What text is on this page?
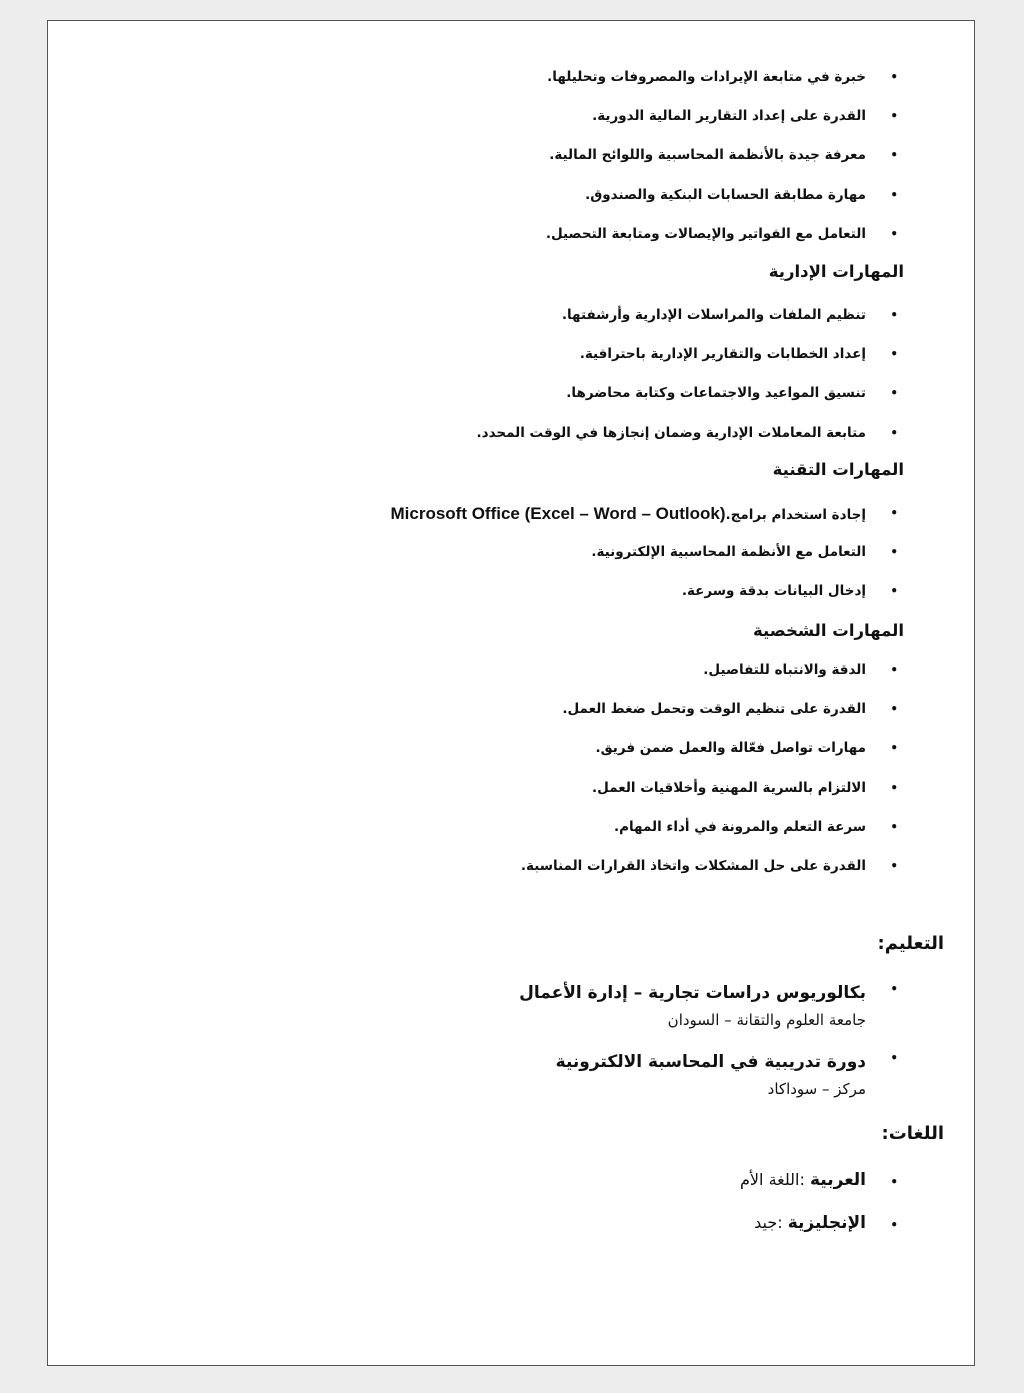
•
خبرة في متابعة الإيرادات والمصروفات وتحليلها.
•
القدرة على إعداد التقارير المالية الدورية.
•
معرفة جيدة بالأنظمة المحاسبية واللوائح المالية.
•
مهارة مطابقة الحسابات البنكية والصندوق.
•
التعامل مع الفواتير والإيصالات ومتابعة التحصيل.
المهارات الإدارية
•
تنظيم الملفات والمراسلات الإدارية وأرشفتها.
•
إعداد الخطابات والتقارير الإدارية باحترافية.
•
تنسيق المواعيد والاجتماعات وكتابة محاضرها.
•
متابعة المعاملات الإدارية وضمان إنجازها في الوقت المحدد.
المهارات التقنية
•
إجادة استخدام برامج.Microsoft Office (Excel – Word – Outlook)
•
التعامل مع الأنظمة المحاسبية الإلكترونية.
•
إدخال البيانات بدقة وسرعة.
المهارات الشخصية
•
الدقة والانتباه للتفاصيل.
•
القدرة على تنظيم الوقت وتحمل ضغط العمل.
•
مهارات تواصل فعّالة والعمل ضمن فريق.
•
الالتزام بالسرية المهنية وأخلاقيات العمل.
•
سرعة التعلم والمرونة في أداء المهام.
•
القدرة على حل المشكلات واتخاذ القرارات المناسبة.
التعليم:
•
بكالوريوس دراسات تجارية – إدارة الأعمال
جامعة العلوم والتقانة – السودان
•
دورة تدريبية في المحاسبة الالكترونية
مركز – سوداكاد
اللغات:
•
العربية :اللغة الأم
•
الإنجليزية :جيد
